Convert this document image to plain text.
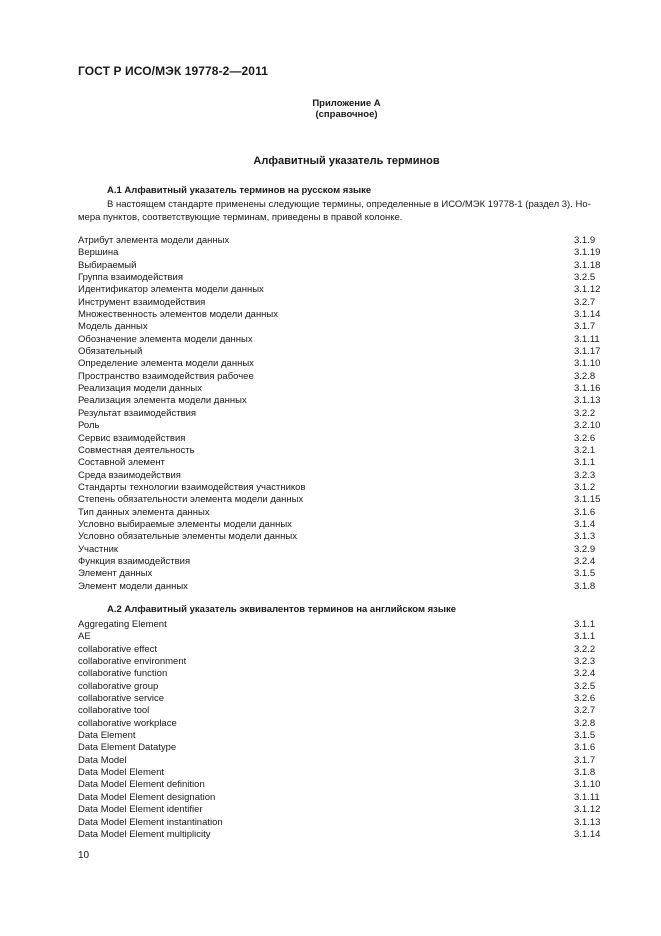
ГОСТ Р ИСО/МЭК 19778-2—2011
Приложение А
(справочное)
Алфавитный указатель терминов
А.1 Алфавитный указатель терминов на русском языке
В настоящем стандарте применены следующие термины, определенные в ИСО/МЭК 19778-1 (раздел 3). Но-
мера пунктов, соответствующие терминам, приведены в правой колонке.
Атрибут элемента модели данных	3.1.9
Вершина	3.1.19
Выбираемый	3.1.18
Группа взаимодействия	3.2.5
Идентификатор элемента модели данных	3.1.12
Инструмент взаимодействия	3.2.7
Множественность элементов модели данных	3.1.14
Модель данных	3.1.7
Обозначение элемента модели данных	3.1.11
Обязательный	3.1.17
Определение элемента модели данных	3.1.10
Пространство взаимодействия рабочее	3.2.8
Реализация модели данных	3.1.16
Реализация элемента модели данных	3.1.13
Результат взаимодействия	3.2.2
Роль	3.2.10
Сервис взаимодействия	3.2.6
Совместная деятельность	3.2.1
Составной элемент	3.1.1
Среда взаимодействия	3.2.3
Стандарты технологии взаимодействия участников	3.1.2
Степень обязательности элемента модели данных	3.1.15
Тип данных элемента данных	3.1.6
Условно выбираемые элементы модели данных	3.1.4
Условно обязательные элементы модели данных	3.1.3
Участник	3.2.9
Функция взаимодействия	3.2.4
Элемент данных	3.1.5
Элемент модели данных	3.1.8
А.2 Алфавитный указатель эквивалентов терминов на английском языке
Aggregating Element	3.1.1
AE	3.1.1
collaborative effect	3.2.2
collaborative environment	3.2.3
collaborative function	3.2.4
collaborative group	3.2.5
collaborative service	3.2.6
collaborative tool	3.2.7
collaborative workplace	3.2.8
Data Element	3.1.5
Data Element Datatype	3.1.6
Data Model	3.1.7
Data Model Element	3.1.8
Data Model Element definition	3.1.10
Data Model Element designation	3.1.11
Data Model Element identifier	3.1.12
Data Model Element instantination	3.1.13
Data Model Element multiplicity	3.1.14
10
